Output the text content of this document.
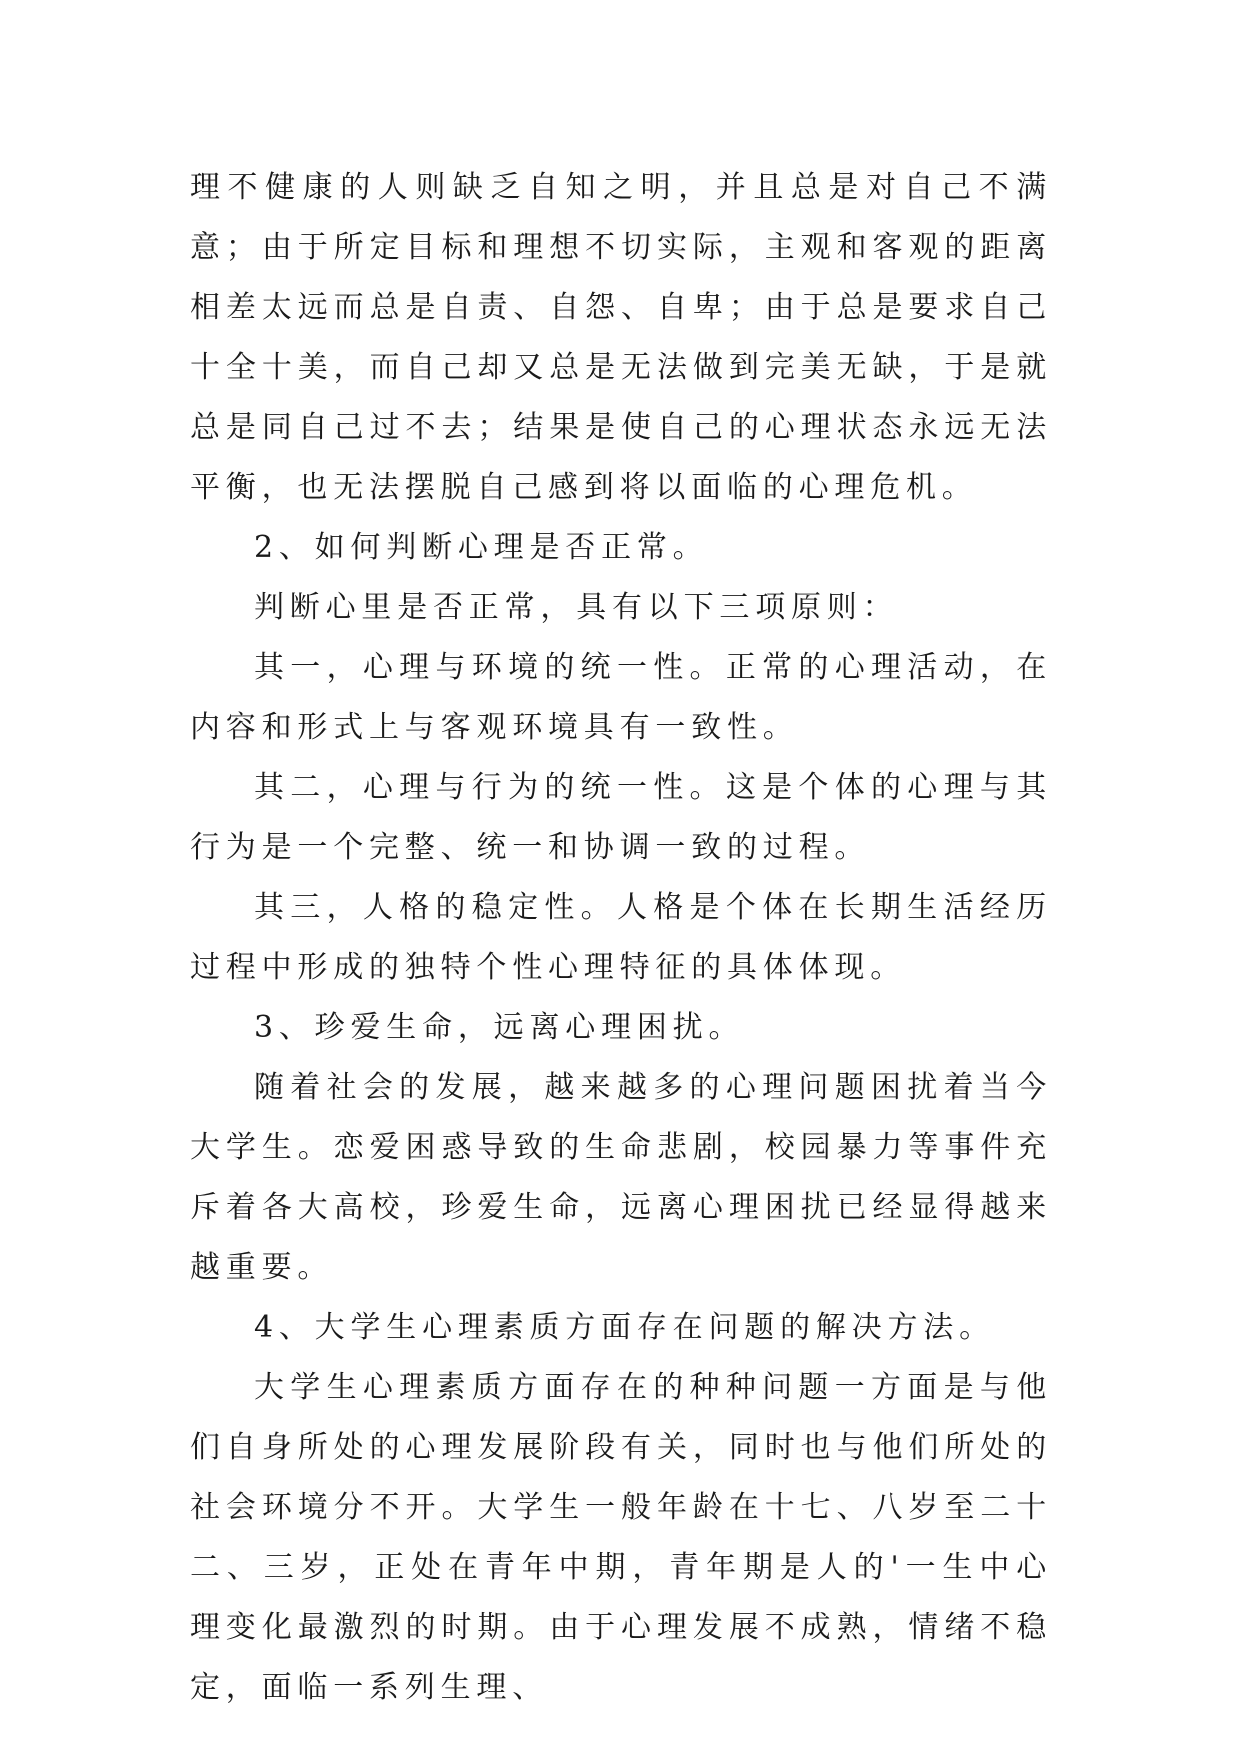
理不健康的人则缺乏自知之明，并且总是对自己不满意；由于所定目标和理想不切实际，主观和客观的距离相差太远而总是自责、自怨、自卑；由于总是要求自己十全十美，而自己却又总是无法做到完美无缺，于是就总是同自己过不去；结果是使自己的心理状态永远无法平衡，也无法摆脱自己感到将以面临的心理危机。

2、如何判断心理是否正常。

判断心里是否正常，具有以下三项原则：

其一，心理与环境的统一性。正常的心理活动，在内容和形式上与客观环境具有一致性。

其二，心理与行为的统一性。这是个体的心理与其行为是一个完整、统一和协调一致的过程。

其三，人格的稳定性。人格是个体在长期生活经历过程中形成的独特个性心理特征的具体体现。

3、珍爱生命，远离心理困扰。

随着社会的发展，越来越多的心理问题困扰着当今大学生。恋爱困惑导致的生命悲剧，校园暴力等事件充斥着各大高校，珍爱生命，远离心理困扰已经显得越来越重要。

4、大学生心理素质方面存在问题的解决方法。

大学生心理素质方面存在的种种问题一方面是与他们自身所处的心理发展阶段有关，同时也与他们所处的社会环境分不开。大学生一般年龄在十七、八岁至二十二、三岁，正处在青年中期，青年期是人的'一生中心理变化最激烈的时期。由于心理发展不成熟，情绪不稳定，面临一系列生理、
